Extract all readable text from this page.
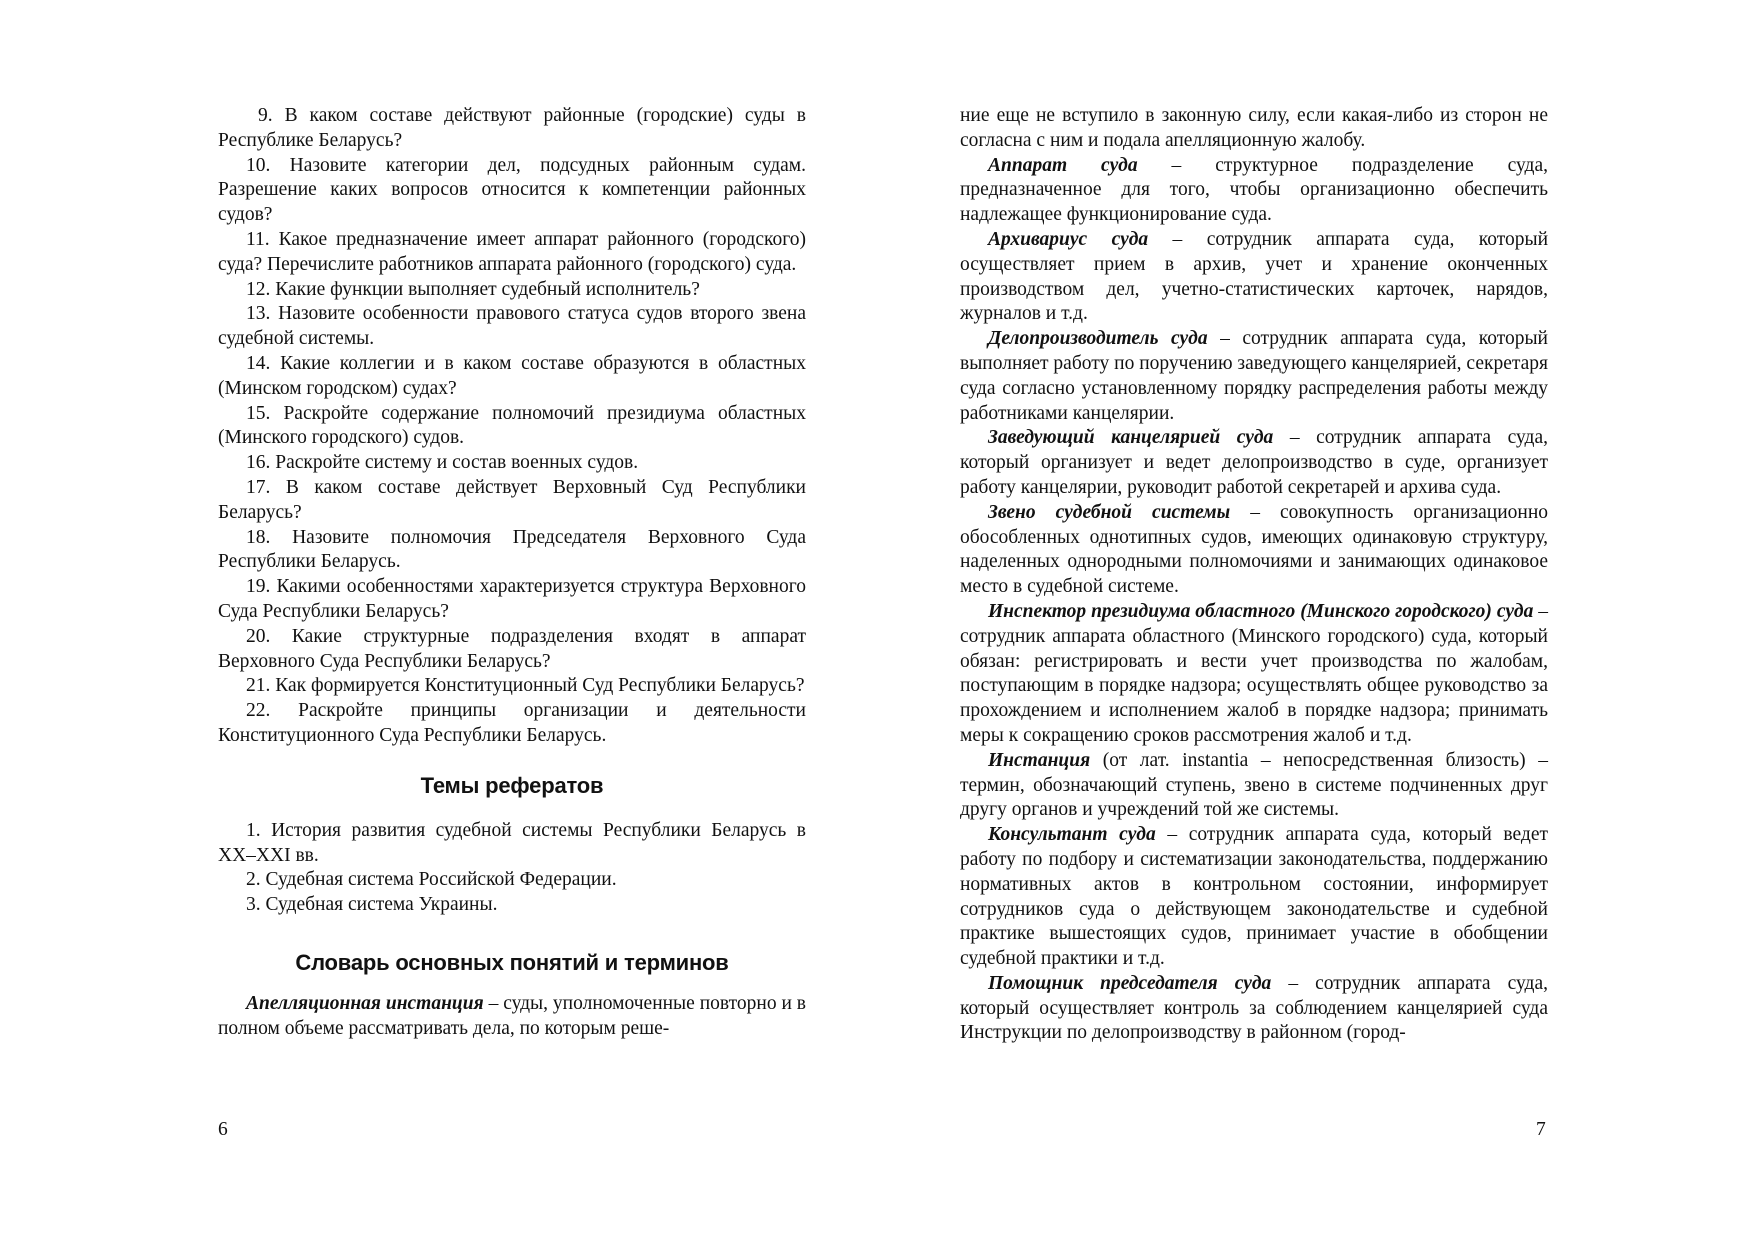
9. В каком составе действуют районные (городские) суды в Республике Беларусь?

10. Назовите категории дел, подсудных районным судам. Разрешение каких вопросов относится к компетенции районных судов?

11. Какое предназначение имеет аппарат районного (городского) суда? Перечислите работников аппарата районного (городского) суда.

12. Какие функции выполняет судебный исполнитель?

13. Назовите особенности правового статуса судов второго звена судебной системы.

14. Какие коллегии и в каком составе образуются в областных (Минском городском) судах?

15. Раскройте содержание полномочий президиума областных (Минского городского) судов.

16. Раскройте систему и состав военных судов.

17. В каком составе действует Верховный Суд Республики Беларусь?

18. Назовите полномочия Председателя Верховного Суда Республики Беларусь.

19. Какими особенностями характеризуется структура Верховного Суда Республики Беларусь?

20. Какие структурные подразделения входят в аппарат Верховного Суда Республики Беларусь?

21. Как формируется Конституционный Суд Республики Беларусь?

22. Раскройте принципы организации и деятельности Конституционного Суда Республики Беларусь.

Темы рефератов

1. История развития судебной системы Республики Беларусь в XX–XXI вв.

2. Судебная система Российской Федерации.

3. Судебная система Украины.

Словарь основных понятий и терминов

Апелляционная инстанция – суды, уполномоченные повторно и в полном объеме рассматривать дела, по которым реше-

ние еще не вступило в законную силу, если какая-либо из сторон не согласна с ним и подала апелляционную жалобу.

Аппарат суда – структурное подразделение суда, предназначенное для того, чтобы организационно обеспечить надлежащее функционирование суда.

Архивариус суда – сотрудник аппарата суда, который осуществляет прием в архив, учет и хранение оконченных производством дел, учетно-статистических карточек, нарядов, журналов и т.д.

Делопроизводитель суда – сотрудник аппарата суда, который выполняет работу по поручению заведующего канцелярией, секретаря суда согласно установленному порядку распределения работы между работниками канцелярии.

Заведующий канцелярией суда – сотрудник аппарата суда, который организует и ведет делопроизводство в суде, организует работу канцелярии, руководит работой секретарей и архива суда.

Звено судебной системы – совокупность организационно обособленных однотипных судов, имеющих одинаковую структуру, наделенных однородными полномочиями и занимающих одинаковое место в судебной системе.

Инспектор президиума областного (Минского городского) суда – сотрудник аппарата областного (Минского городского) суда, который обязан: регистрировать и вести учет производства по жалобам, поступающим в порядке надзора; осуществлять общее руководство за прохождением и исполнением жалоб в порядке надзора; принимать меры к сокращению сроков рассмотрения жалоб и т.д.

Инстанция (от лат. instantia – непосредственная близость) – термин, обозначающий ступень, звено в системе подчиненных друг другу органов и учреждений той же системы.

Консультант суда – сотрудник аппарата суда, который ведет работу по подбору и систематизации законодательства, поддержанию нормативных актов в контрольном состоянии, информирует сотрудников суда о действующем законодательстве и судебной практике вышестоящих судов, принимает участие в обобщении судебной практики и т.д.

Помощник председателя суда – сотрудник аппарата суда, который осуществляет контроль за соблюдением канцелярией суда Инструкции по делопроизводству в районном (город-

6	7
